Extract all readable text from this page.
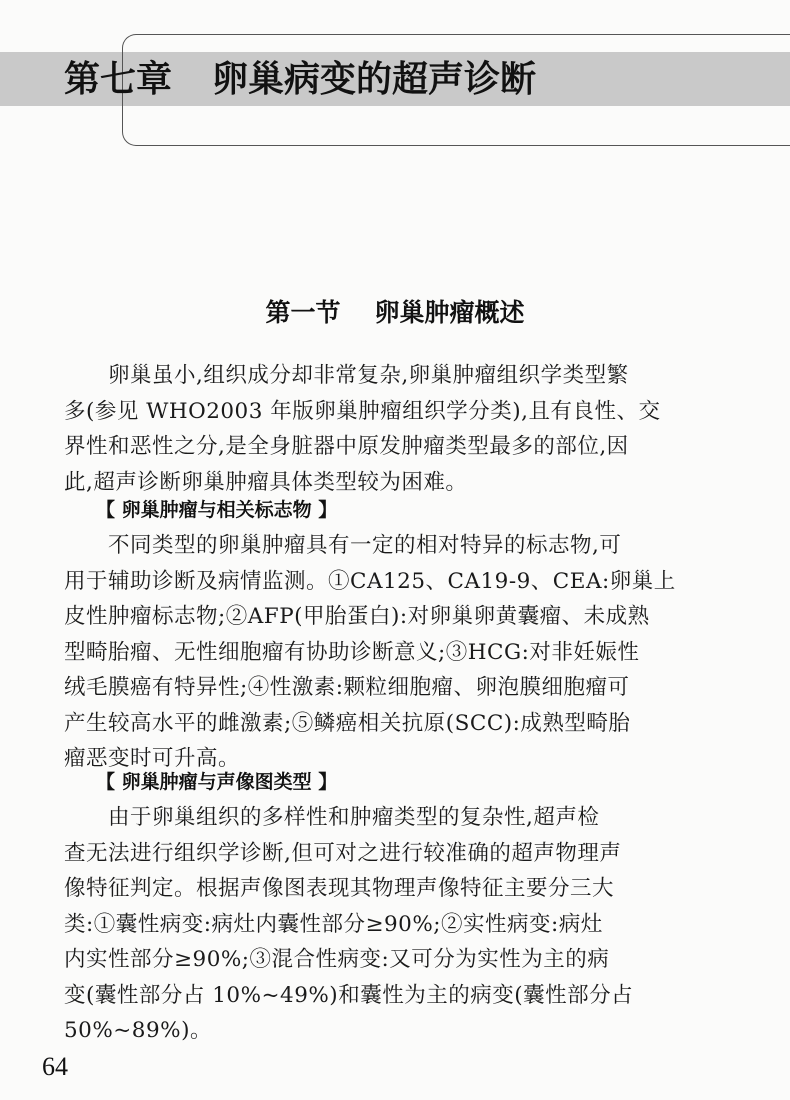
第七章 卵巢病变的超声诊断
第一节 卵巢肿瘤概述
卵巢虽小,组织成分却非常复杂,卵巢肿瘤组织学类型繁
多(参见 WHO2003 年版卵巢肿瘤组织学分类),且有良性、交
界性和恶性之分,是全身脏器中原发肿瘤类型最多的部位,因
此,超声诊断卵巢肿瘤具体类型较为困难。
【 卵巢肿瘤与相关标志物 】
不同类型的卵巢肿瘤具有一定的相对特异的标志物,可
用于辅助诊断及病情监测。①CA125、CA19-9、CEA:卵巢上
皮性肿瘤标志物;②AFP(甲胎蛋白):对卵巢卵黄囊瘤、未成熟
型畸胎瘤、无性细胞瘤有协助诊断意义;③HCG:对非妊娠性
绒毛膜癌有特异性;④性激素:颗粒细胞瘤、卵泡膜细胞瘤可
产生较高水平的雌激素;⑤鳞癌相关抗原(SCC):成熟型畸胎
瘤恶变时可升高。
【 卵巢肿瘤与声像图类型 】
由于卵巢组织的多样性和肿瘤类型的复杂性,超声检
查无法进行组织学诊断,但可对之进行较准确的超声物理声
像特征判定。根据声像图表现其物理声像特征主要分三大
类:①囊性病变:病灶内囊性部分≥90%;②实性病变:病灶
内实性部分≥90%;③混合性病变:又可分为实性为主的病
变(囊性部分占 10%~49%)和囊性为主的病变(囊性部分占
50%~89%)。
64
